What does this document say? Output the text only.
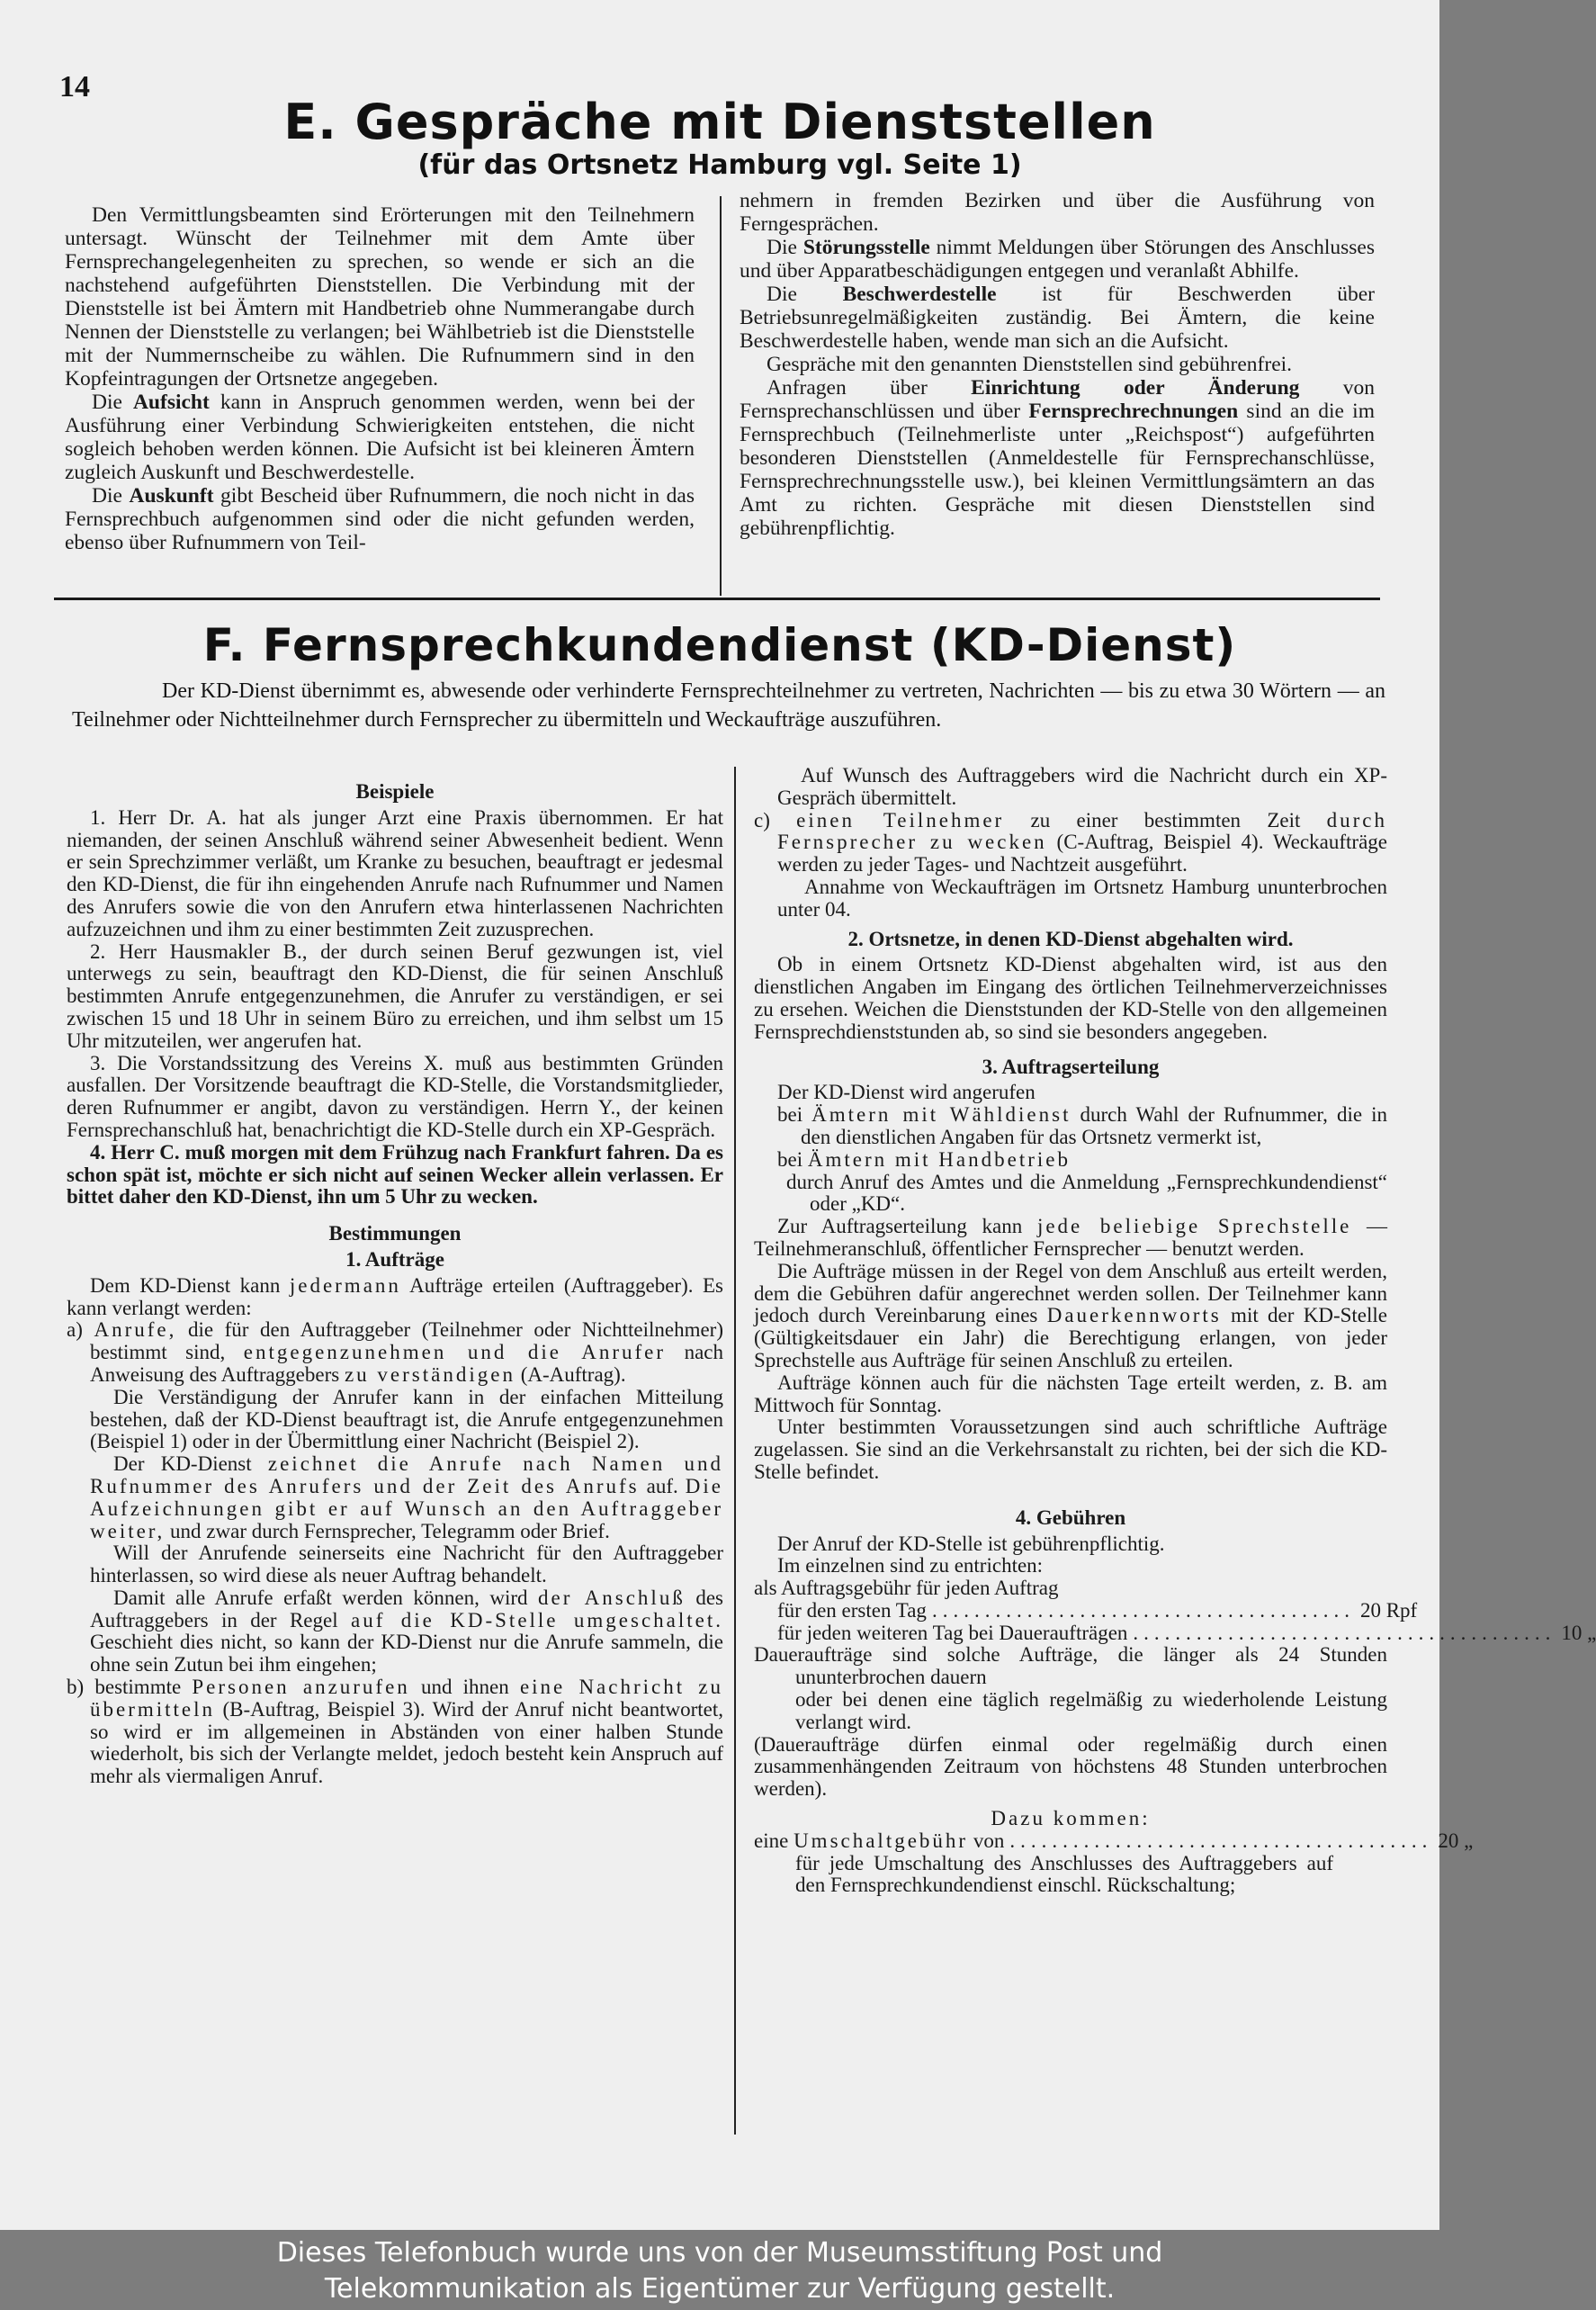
14
E. Gespräche mit Dienststellen
(für das Ortsnetz Hamburg vgl. Seite 1)

Den Vermittlungsbeamten sind Erörterungen mit den Teilnehmern untersagt. Wünscht der Teilnehmer mit dem Amte über Fernsprechangelegenheiten zu sprechen, so wende er sich an die nachstehend aufgeführten Dienststellen. Die Verbindung mit der Dienststelle ist bei Ämtern mit Handbetrieb ohne Nummerangabe durch Nennen der Dienststelle zu verlangen; bei Wählbetrieb ist die Dienststelle mit der Nummernscheibe zu wählen. Die Rufnummern sind in den Kopfeintragungen der Ortsnetze angegeben.

Die Aufsicht kann in Anspruch genommen werden, wenn bei der Ausführung einer Verbindung Schwierigkeiten entstehen, die nicht sogleich behoben werden können. Die Aufsicht ist bei kleineren Ämtern zugleich Auskunft und Beschwerdestelle.

Die Auskunft gibt Bescheid über Rufnummern, die noch nicht in das Fernsprechbuch aufgenommen sind oder die nicht gefunden werden, ebenso über Rufnummern von Teil-

nehmern in fremden Bezirken und über die Ausführung von Ferngesprächen.

Die Störungsstelle nimmt Meldungen über Störungen des Anschlusses und über Apparatbeschädigungen entgegen und veranlaßt Abhilfe.

Die Beschwerdestelle ist für Beschwerden über Betriebsunregelmäßigkeiten zuständig. Bei Ämtern, die keine Beschwerdestelle haben, wende man sich an die Aufsicht.

Gespräche mit den genannten Dienststellen sind gebührenfrei.

Anfragen über Einrichtung oder Änderung von Fernsprechanschlüssen und über Fernsprechrechnungen sind an die im Fernsprechbuch (Teilnehmerliste unter „Reichspost“) aufgeführten besonderen Dienststellen (Anmeldestelle für Fernsprechanschlüsse, Fernsprechrechnungsstelle usw.), bei kleinen Vermittlungsämtern an das Amt zu richten. Gespräche mit diesen Dienststellen sind gebührenpflichtig.

F. Fernsprechkundendienst (KD-Dienst)

Der KD-Dienst übernimmt es, abwesende oder verhinderte Fernsprechteilnehmer zu vertreten, Nachrichten — bis zu etwa 30 Wörtern — an Teilnehmer oder Nichtteilnehmer durch Fernsprecher zu übermitteln und Weckaufträge auszuführen.

Beispiele

1. Herr Dr. A. hat als junger Arzt eine Praxis übernommen. Er hat niemanden, der seinen Anschluß während seiner Abwesenheit bedient. Wenn er sein Sprechzimmer verläßt, um Kranke zu besuchen, beauftragt er jedesmal den KD-Dienst, die für ihn eingehenden Anrufe nach Rufnummer und Namen des Anrufers sowie die von den Anrufern etwa hinterlassenen Nachrichten aufzuzeichnen und ihm zu einer bestimmten Zeit zuzusprechen.

2. Herr Hausmakler B., der durch seinen Beruf gezwungen ist, viel unterwegs zu sein, beauftragt den KD-Dienst, die für seinen Anschluß bestimmten Anrufe entgegenzunehmen, die Anrufer zu verständigen, er sei zwischen 15 und 18 Uhr in seinem Büro zu erreichen, und ihm selbst um 15 Uhr mitzuteilen, wer angerufen hat.

3. Die Vorstandssitzung des Vereins X. muß aus bestimmten Gründen ausfallen. Der Vorsitzende beauftragt die KD-Stelle, die Vorstandsmitglieder, deren Rufnummer er angibt, davon zu verständigen. Herrn Y., der keinen Fernsprechanschluß hat, benachrichtigt die KD-Stelle durch ein XP-Gespräch.

4. Herr C. muß morgen mit dem Frühzug nach Frankfurt fahren. Da es schon spät ist, möchte er sich nicht auf seinen Wecker allein verlassen. Er bittet daher den KD-Dienst, ihn um 5 Uhr zu wecken.

Bestimmungen

1. Aufträge

Dem KD-Dienst kann jedermann Aufträge erteilen (Auftraggeber). Es kann verlangt werden:

a) Anrufe, die für den Auftraggeber (Teilnehmer oder Nichtteilnehmer) bestimmt sind, entgegenzunehmen und die Anrufer nach Anweisung des Auftraggebers zu verständigen (A-Auftrag).

Die Verständigung der Anrufer kann in der einfachen Mitteilung bestehen, daß der KD-Dienst beauftragt ist, die Anrufe entgegenzunehmen (Beispiel 1) oder in der Übermittlung einer Nachricht (Beispiel 2).

Der KD-Dienst zeichnet die Anrufe nach Namen und Rufnummer des Anrufers und der Zeit des Anrufs auf. Die Aufzeichnungen gibt er auf Wunsch an den Auftraggeber weiter, und zwar durch Fernsprecher, Telegramm oder Brief.

Will der Anrufende seinerseits eine Nachricht für den Auftraggeber hinterlassen, so wird diese als neuer Auftrag behandelt.

Damit alle Anrufe erfaßt werden können, wird der Anschluß des Auftraggebers in der Regel auf die KD-Stelle umgeschaltet. Geschieht dies nicht, so kann der KD-Dienst nur die Anrufe sammeln, die ohne sein Zutun bei ihm eingehen;

b) bestimmte Personen anzurufen und ihnen eine Nachricht zu übermitteln (B-Auftrag, Beispiel 3). Wird der Anruf nicht beantwortet, so wird er im allgemeinen in Abständen von einer halben Stunde wiederholt, bis sich der Verlangte meldet, jedoch besteht kein Anspruch auf mehr als viermaligen Anruf.

Auf Wunsch des Auftraggebers wird die Nachricht durch ein XP-Gespräch übermittelt.

c) einen Teilnehmer zu einer bestimmten Zeit durch Fernsprecher zu wecken (C-Auftrag, Beispiel 4). Weckaufträge werden zu jeder Tages- und Nachtzeit ausgeführt.

Annahme von Weckaufträgen im Ortsnetz Hamburg ununterbrochen unter 04.

2. Ortsnetze, in denen KD-Dienst abgehalten wird.

Ob in einem Ortsnetz KD-Dienst abgehalten wird, ist aus den dienstlichen Angaben im Eingang des örtlichen Teilnehmerverzeichnisses zu ersehen. Weichen die Dienststunden der KD-Stelle von den allgemeinen Fernsprechdienststunden ab, so sind sie besonders angegeben.

3. Auftragserteilung

Der KD-Dienst wird angerufen

bei Ämtern mit Wähldienst durch Wahl der Rufnummer, die in den dienstlichen Angaben für das Ortsnetz vermerkt ist,

bei Ämtern mit Handbetrieb

durch Anruf des Amtes und die Anmeldung „Fernsprechkundendienst“ oder „KD“.

Zur Auftragserteilung kann jede beliebige Sprechstelle — Teilnehmeranschluß, öffentlicher Fernsprecher — benutzt werden.

Die Aufträge müssen in der Regel von dem Anschluß aus erteilt werden, dem die Gebühren dafür angerechnet werden sollen. Der Teilnehmer kann jedoch durch Vereinbarung eines Dauerkennworts mit der KD-Stelle (Gültigkeitsdauer ein Jahr) die Berechtigung erlangen, von jeder Sprechstelle aus Aufträge für seinen Anschluß zu erteilen.

Aufträge können auch für die nächsten Tage erteilt werden, z. B. am Mittwoch für Sonntag.

Unter bestimmten Voraussetzungen sind auch schriftliche Aufträge zugelassen. Sie sind an die Verkehrsanstalt zu richten, bei der sich die KD-Stelle befindet.

4. Gebühren

Der Anruf der KD-Stelle ist gebührenpflichtig.

Im einzelnen sind zu entrichten:

als Auftragsgebühr für jeden Auftrag

für den ersten Tag ........................................ 20 Rpf
für jeden weiteren Tag bei Daueraufträgen ........................................ 10 „

Daueraufträge sind solche Aufträge, die länger als 24 Stunden ununterbrochen dauern

oder bei denen eine täglich regelmäßig zu wiederholende Leistung verlangt wird.

(Daueraufträge dürfen einmal oder regelmäßig durch einen zusammenhängenden Zeitraum von höchstens 48 Stunden unterbrochen werden).

Dazu kommen:

eine Umschaltgebühr von ........................................ 20 „

für jede Umschaltung des Anschlusses des Auftraggebers auf den Fernsprechkundendienst einschl. Rückschaltung;

Dieses Telefonbuch wurde uns von der Museumsstiftung Post und

Telekommunikation als Eigentümer zur Verfügung gestellt.
